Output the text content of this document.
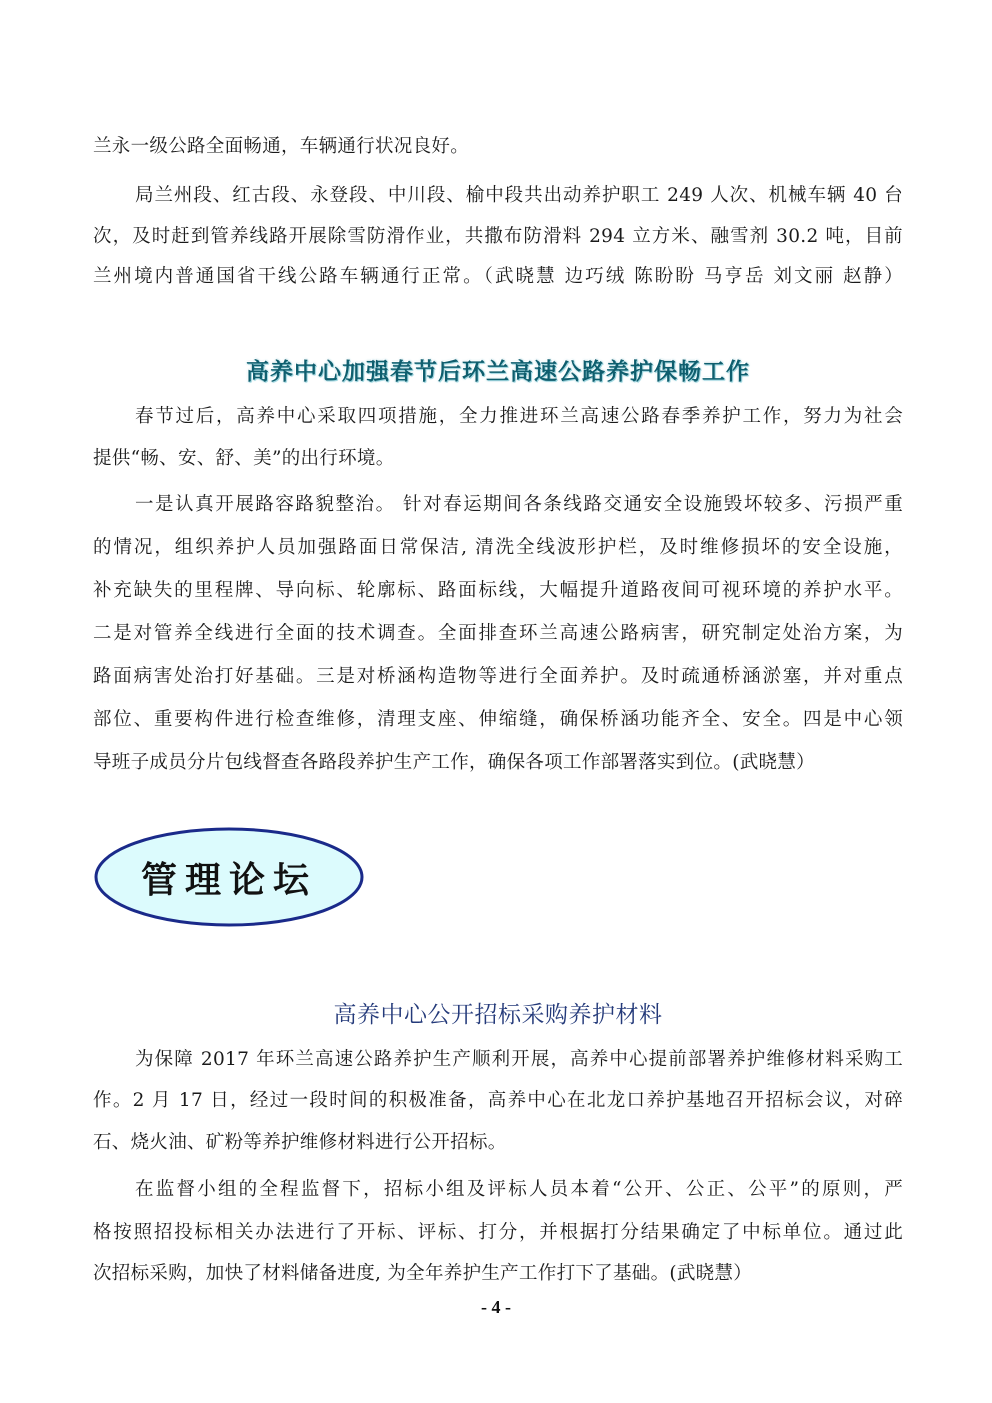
兰永一级公路全面畅通，车辆通行状况良好。
局兰州段、红古段、永登段、中川段、榆中段共出动养护职工 249 人次、机械车辆 40 台
次，及时赶到管养线路开展除雪防滑作业，共撒布防滑料 294 立方米、融雪剂 30.2 吨，目前
兰州境内普通国省干线公路车辆通行正常。（武晓慧 边巧绒 陈盼盼 马亨岳 刘文丽 赵静）
高养中心加强春节后环兰高速公路养护保畅工作
春节过后，高养中心采取四项措施，全力推进环兰高速公路春季养护工作，努力为社会
提供“畅、安、舒、美”的出行环境。
一是认真开展路容路貌整治。 针对春运期间各条线路交通安全设施毁坏较多、污损严重
的情况，组织养护人员加强路面日常保洁, 清洗全线波形护栏，及时维修损坏的安全设施，
补充缺失的里程牌、导向标、轮廓标、路面标线，大幅提升道路夜间可视环境的养护水平。
二是对管养全线进行全面的技术调查。全面排查环兰高速公路病害，研究制定处治方案，为
路面病害处治打好基础。三是对桥涵构造物等进行全面养护。及时疏通桥涵淤塞，并对重点
部位、重要构件进行检查维修，清理支座、伸缩缝，确保桥涵功能齐全、安全。四是中心领
导班子成员分片包线督查各路段养护生产工作，确保各项工作部署落实到位。(武晓慧）
管理论坛
高养中心公开招标采购养护材料
为保障 2017 年环兰高速公路养护生产顺利开展，高养中心提前部署养护维修材料采购工
作。2 月 17 日，经过一段时间的积极准备，高养中心在北龙口养护基地召开招标会议，对碎
石、烧火油、矿粉等养护维修材料进行公开招标。
在监督小组的全程监督下，招标小组及评标人员本着“公开、公正、公平”的原则，严
格按照招投标相关办法进行了开标、评标、打分，并根据打分结果确定了中标单位。通过此
次招标采购，加快了材料储备进度, 为全年养护生产工作打下了基础。(武晓慧）
- 4 -
